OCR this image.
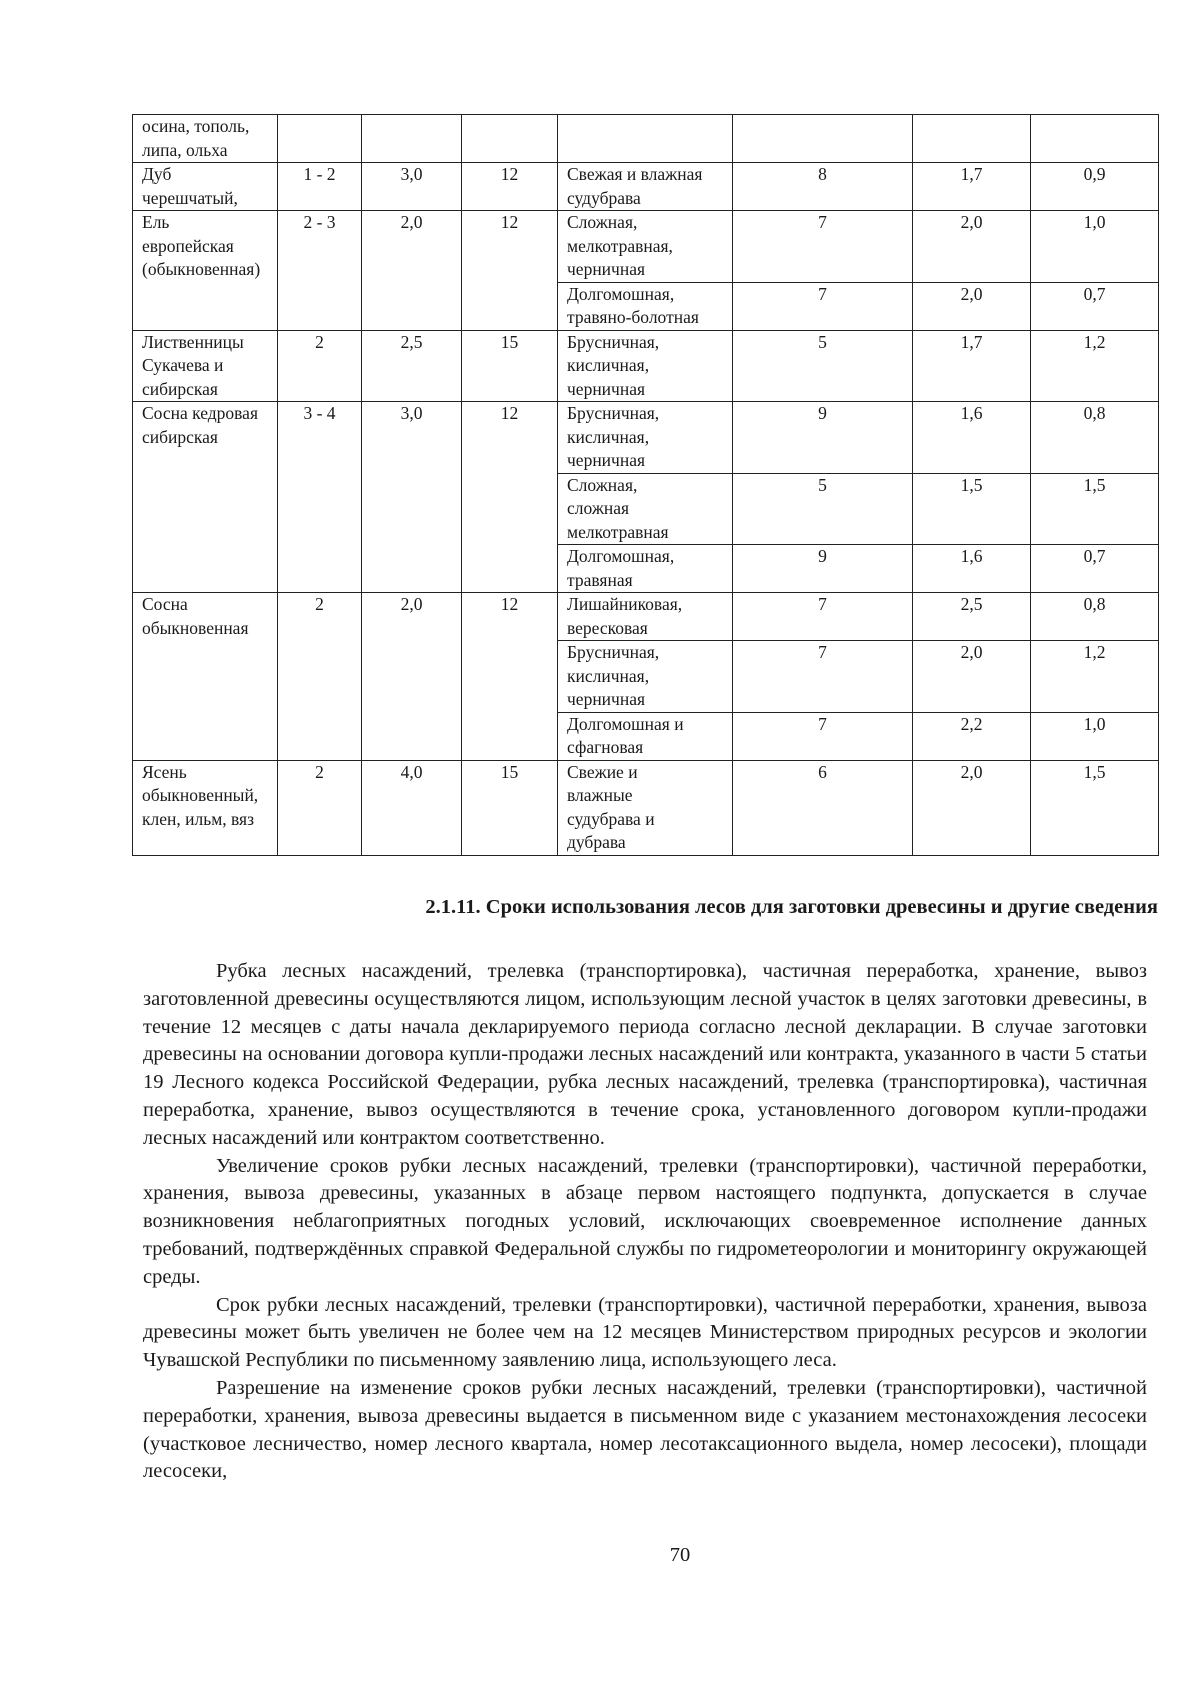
осина, тополь,
липа, ольха							

Дуб
черешчатый,	1 - 2	3,0	12	Свежая и влажная
судубрава	8	1,7	0,9

Ель
европейская
(обыкновенная)	2 - 3	2,0	12	Сложная,
мелкотравная,
черничная	7	2,0	1,0

				Долгомошная,
травяно-болотная	7	2,0	0,7

Лиственницы
Сукачева и
сибирская	2	2,5	15	Брусничная,
кисличная,
черничная	5	1,7	1,2

Сосна кедровая
сибирская	3 - 4	3,0	12	Брусничная,
кисличная,
черничная	9	1,6	0,8

				Сложная,
сложная
мелкотравная	5	1,5	1,5

				Долгомошная,
травяная	9	1,6	0,7

Сосна
обыкновенная	2	2,0	12	Лишайниковая,
вересковая	7	2,5	0,8

				Брусничная,
кисличная,
черничная	7	2,0	1,2

				Долгомошная и
сфагновая	7	2,2	1,0

Ясень
обыкновенный,
клен, ильм, вяз	2	4,0	15	Свежие и
влажные
судубрава и
дубрава	6	2,0	1,5
2.1.11. Сроки использования лесов для заготовки древесины и другие сведения

Рубка лесных насаждений, трелевка (транспортировка), частичная переработка, хранение, вывоз заготовленной древесины осуществляются лицом, использующим лесной участок в целях заготовки древесины, в течение 12 месяцев с даты начала декларируемого периода согласно лесной декларации. В случае заготовки древесины на основании договора купли-продажи лесных насаждений или контракта, указанного в части 5 статьи 19 Лесного кодекса Российской Федерации, рубка лесных насаждений, трелевка (транспортировка), частичная переработка, хранение, вывоз осуществляются в течение срока, установленного договором купли-продажи лесных насаждений или контрактом соответственно.

Увеличение сроков рубки лесных насаждений, трелевки (транспортировки), частичной переработки, хранения, вывоза древесины, указанных в абзаце первом настоящего подпункта, допускается в случае возникновения неблагоприятных погодных условий, исключающих своевременное исполнение данных требований, подтверждённых справкой Федеральной службы по гидрометеорологии и мониторингу окружающей среды.

Срок рубки лесных насаждений, трелевки (транспортировки), частичной переработки, хранения, вывоза древесины может быть увеличен не более чем на 12 месяцев Министерством природных ресурсов и экологии Чувашской Республики по письменному заявлению лица, использующего леса.

Разрешение на изменение сроков рубки лесных насаждений, трелевки (транспортировки), частичной переработки, хранения, вывоза древесины выдается в письменном виде с указанием местонахождения лесосеки (участковое лесничество, номер лесного квартала, номер лесотаксационного выдела, номер лесосеки), площади лесосеки,

70
